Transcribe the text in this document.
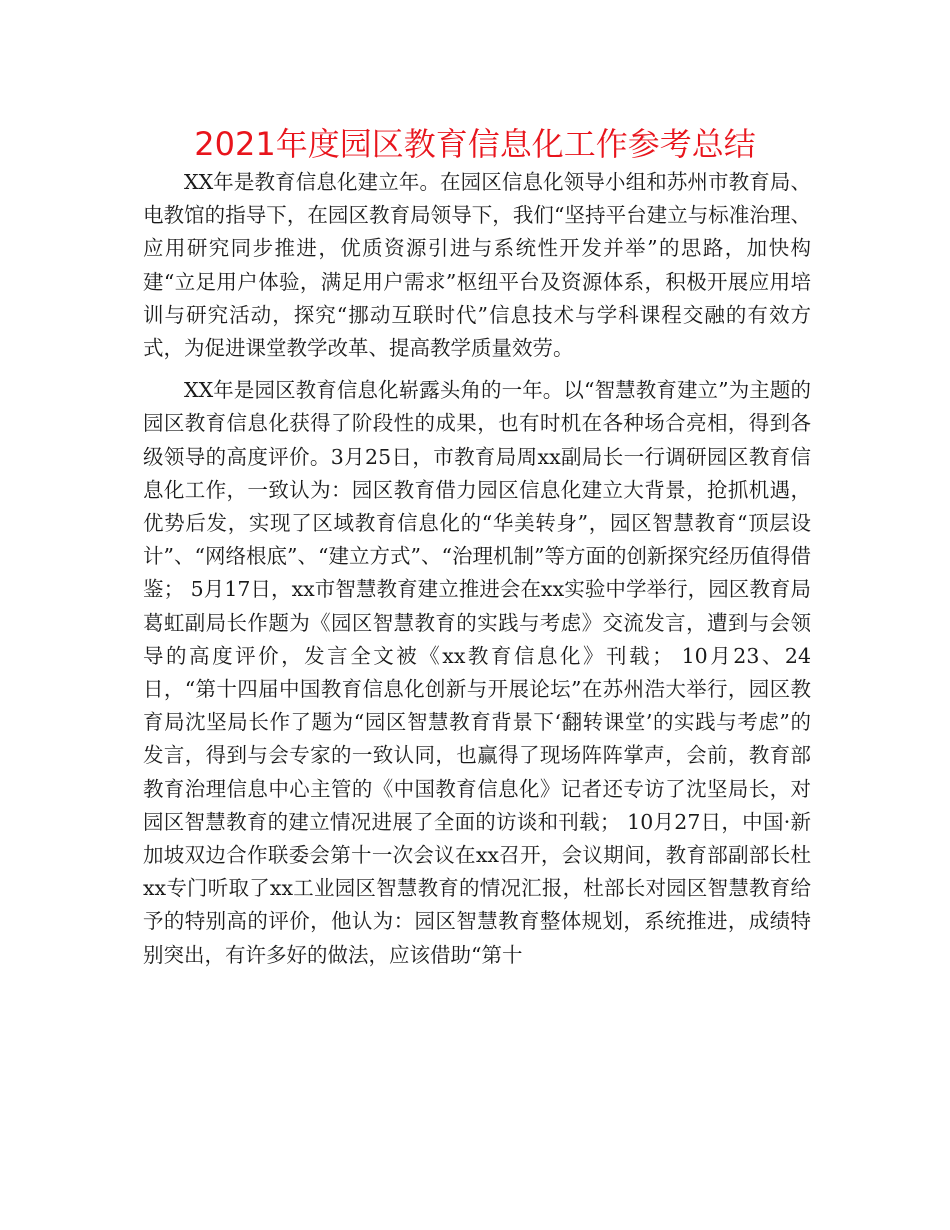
2021年度园区教育信息化工作参考总结

XX年是教育信息化建立年。在园区信息化领导小组和苏州市教育局、电教馆的指导下，在园区教育局领导下，我们“坚持平台建立与标准治理、应用研究同步推进，优质资源引进与系统性开发并举”的思路，加快构建“立足用户体验，满足用户需求”枢纽平台及资源体系，积极开展应用培训与研究活动，探究“挪动互联时代”信息技术与学科课程交融的有效方式，为促进课堂教学改革、提高教学质量效劳。

XX年是园区教育信息化崭露头角的一年。以“智慧教育建立”为主题的园区教育信息化获得了阶段性的成果，也有时机在各种场合亮相，得到各级领导的高度评价。3月25日，市教育局周xx副局长一行调研园区教育信息化工作，一致认为：园区教育借力园区信息化建立大背景，抢抓机遇，优势后发，实现了区域教育信息化的“华美转身”，园区智慧教育“顶层设计”、“网络根底”、“建立方式”、“治理机制”等方面的创新探究经历值得借鉴； 5月17日，xx市智慧教育建立推进会在xx实验中学举行，园区教育局葛虹副局长作题为《园区智慧教育的实践与考虑》交流发言，遭到与会领导的高度评价，发言全文被《xx教育信息化》刊载； 10月23、24日，“第十四届中国教育信息化创新与开展论坛”在苏州浩大举行，园区教育局沈坚局长作了题为“园区智慧教育背景下‘翻转课堂’的实践与考虑”的发言，得到与会专家的一致认同，也赢得了现场阵阵掌声，会前，教育部教育治理信息中心主管的《中国教育信息化》记者还专访了沈坚局长，对园区智慧教育的建立情况进展了全面的访谈和刊载； 10月27日，中国·新加坡双边合作联委会第十一次会议在xx召开，会议期间，教育部副部长杜xx专门听取了xx工业园区智慧教育的情况汇报，杜部长对园区智慧教育给予的特别高的评价，他认为：园区智慧教育整体规划，系统推进，成绩特别突出，有许多好的做法，应该借助“第十
